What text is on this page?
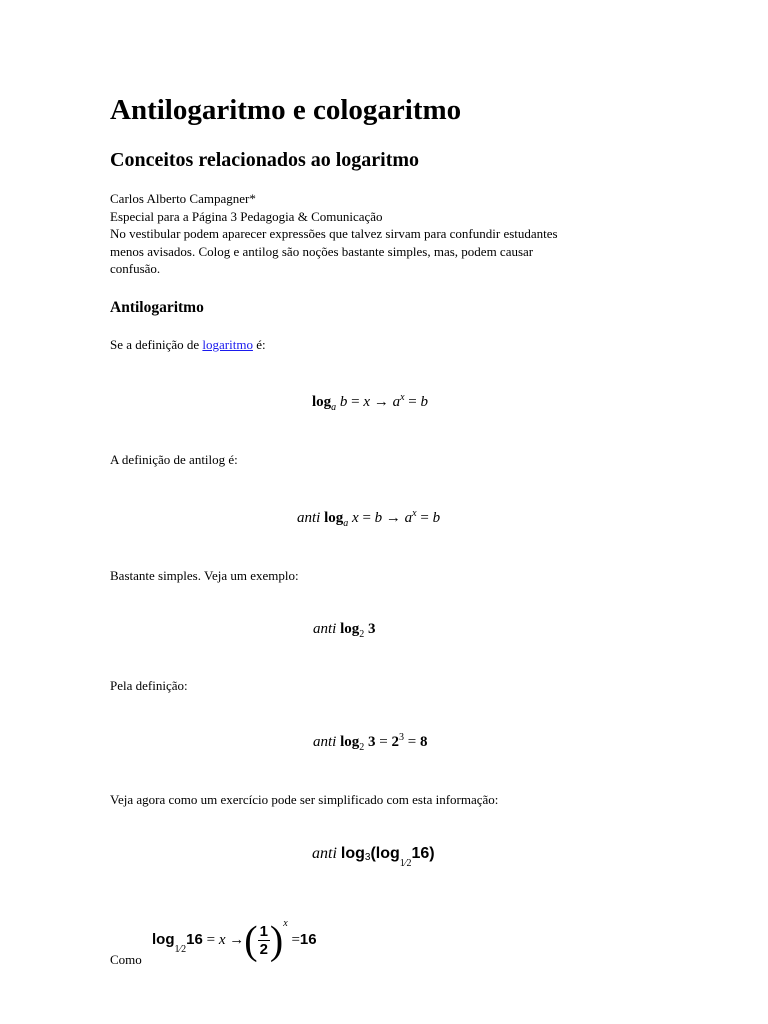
Antilogaritmo e cologaritmo
Conceitos relacionados ao logaritmo
Carlos Alberto Campagner*
Especial para a Página 3 Pedagogia & Comunicação
No vestibular podem aparecer expressões que talvez sirvam para confundir estudantes
menos avisados. Colog e antilog são noções bastante simples, mas, podem causar
confusão.
Antilogaritmo
Se a definição de logaritmo é:
$\log_a b = x \to a^x = b$
A definição de antilog é:
anti $\log_a x = b \to a^x = b$
Bastante simples. Veja um exemplo:
anti $\log_2 3$
Pela definição:
anti $\log_2 3 = 2^3 = 8$
Veja agora como um exercício pode ser simplificado com esta informação:
anti $\log 3(\log_{1⁄2}16)$
Como
$\log_{1⁄2}16 = x$ →( $\frac{1}{2} )^x =16$
